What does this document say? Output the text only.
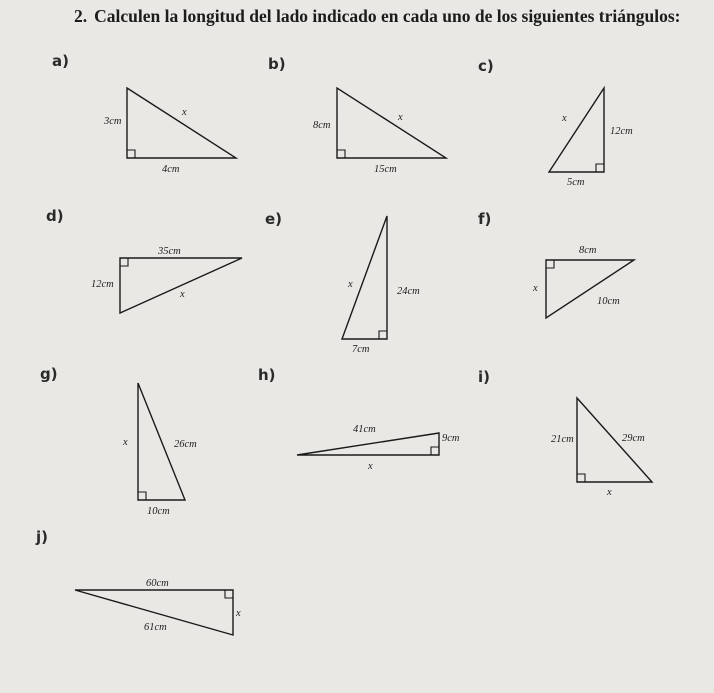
2. Calculen la longitud del lado indicado en cada uno de los siguientes triángulos:
a)	b)	c)
d)	e)	f)
g)	h)	i)
j)
3cm
4cm
x
8cm
15cm
x
12cm
5cm
x
35cm
12cm
x	24cm
7cm
x
8cm
10cm
x
26cm
10cm
x
41cm
9cm
x
21cm	29cm
x
60cm
61cm
x
